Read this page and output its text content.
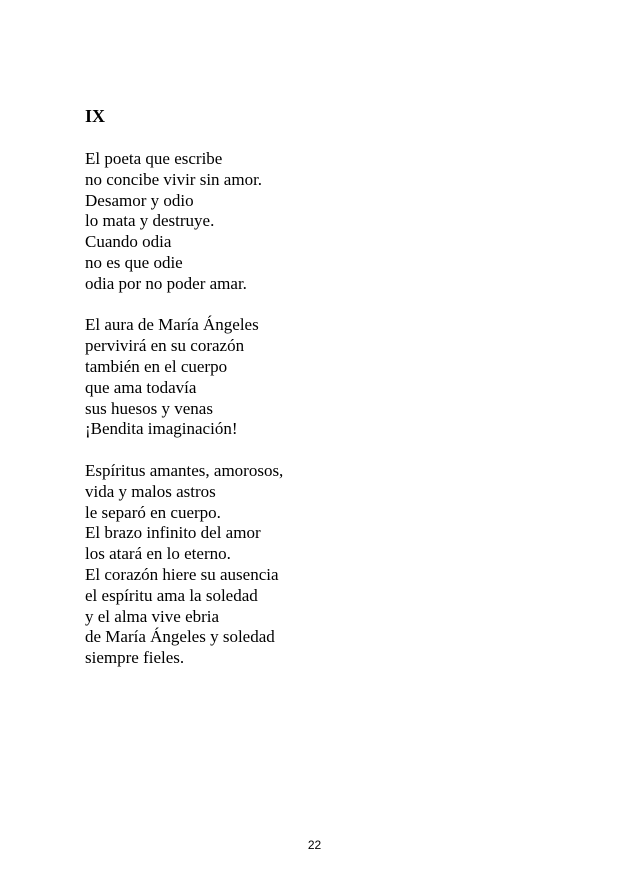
IX
El poeta que escribe
no concibe vivir sin amor.
Desamor y odio
lo mata y destruye.
Cuando odia
no es que odie
odia por no poder amar.
El aura de María Ángeles
pervivirá en su corazón
también en el cuerpo
que ama todavía
sus huesos y venas
¡Bendita imaginación!
Espíritus amantes, amorosos,
vida y malos astros
le separó en cuerpo.
El brazo infinito del amor
los atará en lo eterno.
El corazón hiere su ausencia
el espíritu ama la soledad
y el alma vive ebria
de María Ángeles y soledad
siempre fieles.
22
